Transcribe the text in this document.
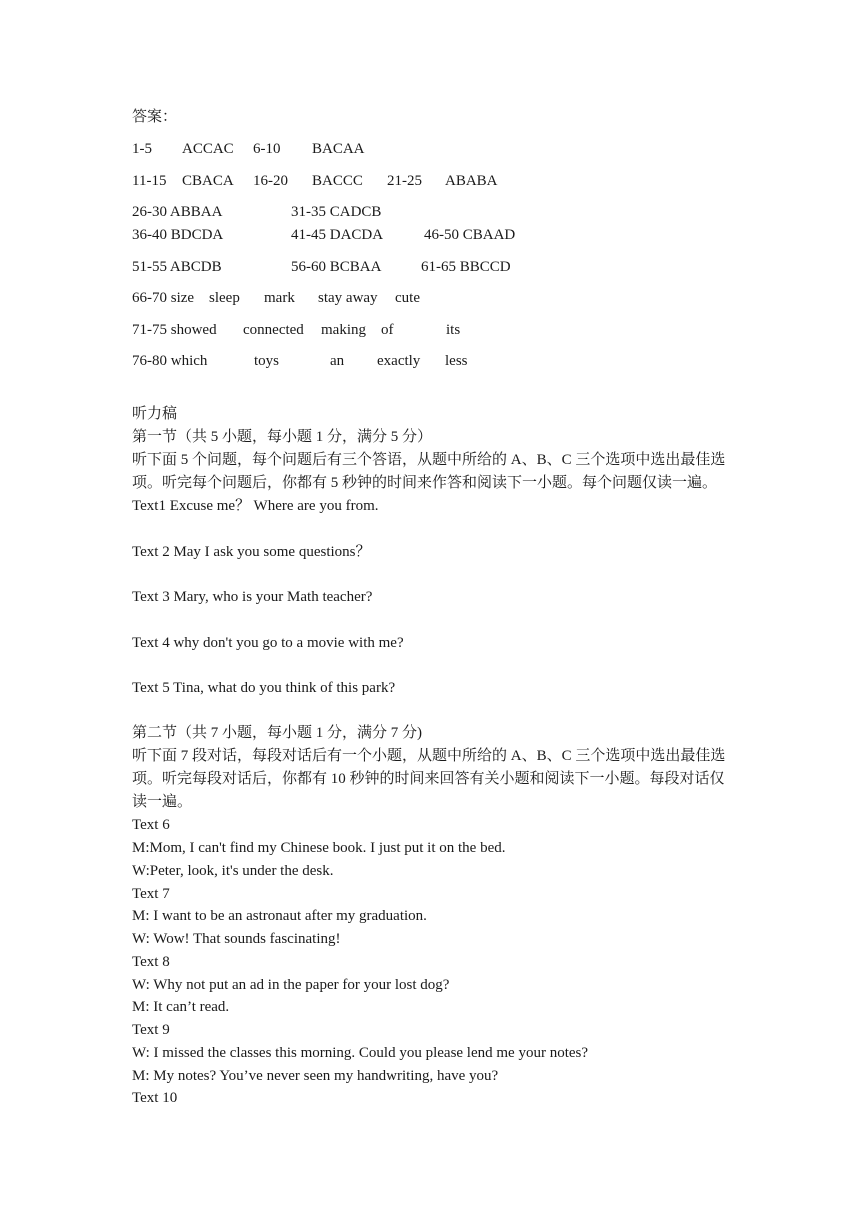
答案：
1-5 ACCAC 6-10 BACAA
11-15 CBACA 16-20 BACCC 21-25 ABABA
26-30 ABBAA	31-35 CADCB
36-40 BDCDA	41-45 DACDA	46-50 CBAAD
51-55 ABCDB	56-60 BCBAA	61-65 BBCCD
66-70 size sleep mark stay away cute
71-75 showed connected making of	its
76-80 which	toys	an exactly less
听力稿
第一节（共 5 小题，每小题 1 分，满分 5 分）
听下面 5 个问题，每个问题后有三个答语，从题中所给的 A、B、C 三个选项中选出最佳选
项。听完每个问题后，你都有 5 秒钟的时间来作答和阅读下一小题。每个问题仅读一遍。
Text1 Excuse me？ Where are you from.
Text 2 May I ask you some questions？
Text 3 Mary, who is your Math teacher?
Text 4 why don't you go to a movie with me?
Text 5 Tina, what do you think of this park?
第二节（共 7 小题，每小题 1 分，满分 7 分)
听下面 7 段对话，每段对话后有一个小题，从题中所给的 A、B、C 三个选项中选出最佳选
项。听完每段对话后，你都有 10 秒钟的时间来回答有关小题和阅读下一小题。每段对话仅
读一遍。
Text 6
M:Mom, I can't find my Chinese book. I just put it on the bed.
W:Peter, look, it's under the desk.
Text 7
M: I want to be an astronaut after my graduation.
W: Wow! That sounds fascinating!
Text 8
W: Why not put an ad in the paper for your lost dog?
M: It can’t read.
Text 9
W: I missed the classes this morning. Could you please lend me your notes?
M: My notes? You’ve never seen my handwriting, have you?
Text 10
